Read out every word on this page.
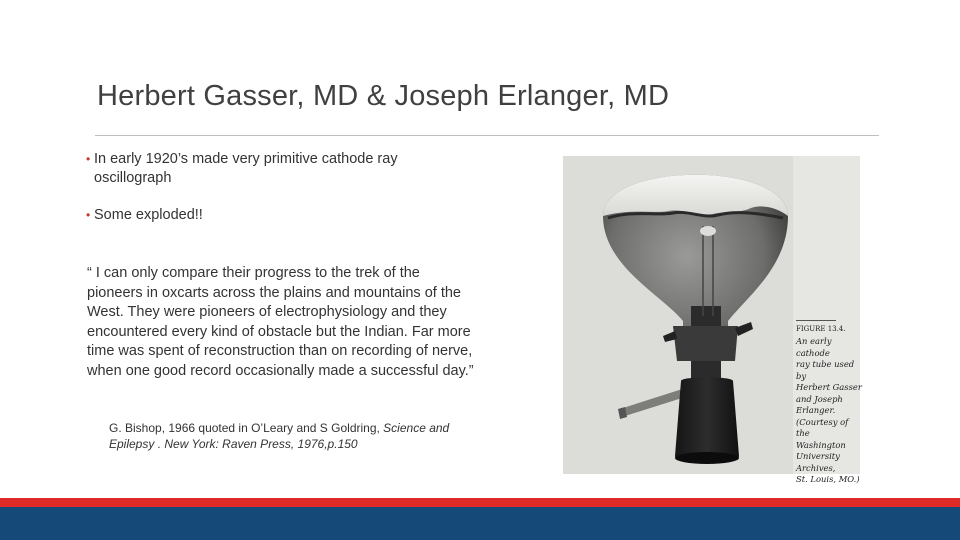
Herbert Gasser, MD & Joseph Erlanger, MD
• In early 1920’s made very primitive cathode ray oscillograph
• Some exploded!!
“ I can only compare their progress to the trek of the pioneers in oxcarts across the plains and mountains of the West. They were pioneers of electrophysiology and they encountered every kind of obstacle but the Indian. Far more time was spent of reconstruction than on recording of nerve, when one good record occasionally made a successful day.”
G. Bishop, 1966 quoted in O’Leary and S Goldring, Science and Epilepsy . New York: Raven Press, 1976,p.150
FIGURE 13.4.
An early cathode
ray tube used by
Herbert Gasser
and Joseph
Erlanger.
(Courtesy of the
Washington
University
Archives,
St. Louis, MO.)
